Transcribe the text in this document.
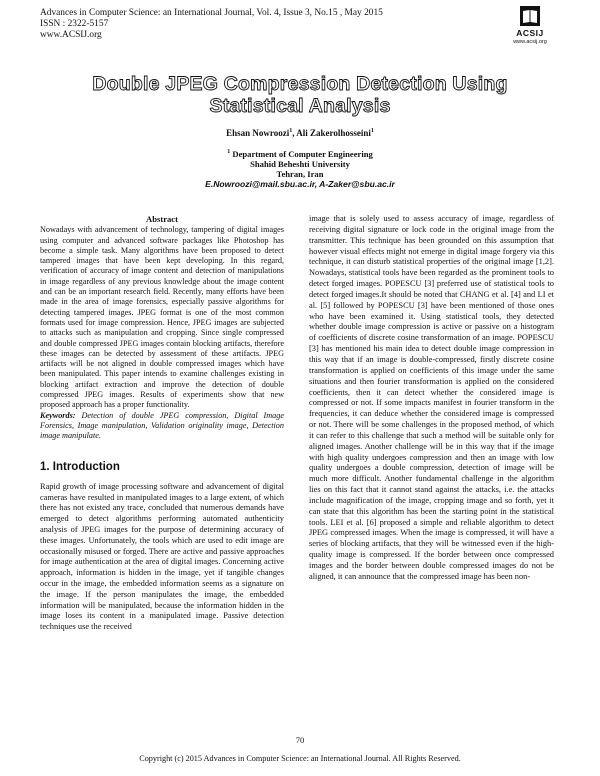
Advances in Computer Science: an International Journal, Vol. 4, Issue 3, No.15 , May 2015
ISSN : 2322-5157
www.ACSIJ.org	ACSIJ
www.acsij.org
Double JPEG Compression Detection Using Statistical Analysis
Ehsan Nowroozi$^1$, Ali Zakerolhosseini$^1$
$^1$ Department of Computer Engineering
Shahid Beheshti University
Tehran, Iran
E.Nowroozi@mail.sbu.ac.ir, A-Zaker@sbu.ac.ir
Abstract
Nowadays with advancement of technology, tampering of digital images using computer and advanced software packages like Photoshop has become a simple task. Many algorithms have been proposed to detect tampered images that have been kept developing. In this regard, verification of accuracy of image content and detection of manipulations in image regardless of any previous knowledge about the image content and can be an important research field. Recently, many efforts have been made in the area of image forensics, especially passive algorithms for detecting tampered images. JPEG format is one of the most common formats used for image compression. Hence, JPEG images are subjected to attacks such as manipulation and cropping. Since single compressed and double compressed JPEG images contain blocking artifacts, therefore these images can be detected by assessment of these artifacts. JPEG artifacts will be not aligned in double compressed images which have been manipulated. This paper intends to examine challenges existing in blocking artifact extraction and improve the detection of double compressed JPEG images. Results of experiments show that new proposed approach has a proper functionality.
Keywords: Detection of double JPEG compression, Digital Image Forensics, Image manipulation, Validation originality image, Detection image manipulate.
1. Introduction
Rapid growth of image processing software and advancement of digital cameras have resulted in manipulated images to a large extent, of which there has not existed any trace, concluded that numerous demands have emerged to detect algorithms performing automated authenticity analysis of JPEG images for the purpose of determining accuracy of these images. Unfortunately, the tools which are used to edit image are occasionally misused or forged. There are active and passive approaches for image authentication at the area of digital images. Concerning active approach, information is hidden in the image, yet if tangible changes occur in the image, the embedded information seems as a signature on the image. If the person manipulates the image, the embedded information will be manipulated, because the information hidden in the image loses its content in a manipulated image. Passive detection techniques use the received

image that is solely used to assess accuracy of image, regardless of receiving digital signature or lock code in the original image from the transmitter. This technique has been grounded on this assumption that however visual effects might not emerge in digital image forgery via this technique, it can disturb statistical properties of the original image [1,2]. Nowadays, statistical tools have been regarded as the prominent tools to detect forged images. POPESCU [3] preferred use of statistical tools to detect forged images.It should be noted that CHANG et al. [4] and LI et al. [5] followed by POPESCU [3] have been mentioned of those ones who have been examined it. Using statistical tools, they detected whether double image compression is active or passive on a histogram of coefficients of discrete cosine transformation of an image. POPESCU [3] has mentioned his main idea to detect double image compression in this way that if an image is double-compressed, firstly discrete cosine transformation is applied on coefficients of this image under the same situations and then fourier transformation is applied on the considered coefficients, then it can detect whether the considered image is compressed or not. If some impacts manifest in fourier transform in the frequencies, it can deduce whether the considered image is compressed or not. There will be some challenges in the proposed method, of which it can refer to this challenge that such a method will be suitable only for aligned images. Another challenge will be in this way that if the image with high quality undergoes compression and then an image with low quality undergoes a double compression, detection of image will be much more difficult. Another fundamental challenge in the algorithm lies on this fact that it cannot stand against the attacks, i.e. the attacks include magnification of the image, cropping image and so forth, yet it can state that this algorithm has been the starting point in the statistical tools. LEI et al. [6] proposed a simple and reliable algorithm to detect JPEG compressed images. When the image is compressed, it will have a series of blocking artifacts, that they will be witnessed even if the high-quality image is compressed. If the border between once compressed images and the border between double compressed images do not be aligned, it can announce that the compressed image has been non-

70
Copyright (c) 2015 Advances in Computer Science: an International Journal. All Rights Reserved.
